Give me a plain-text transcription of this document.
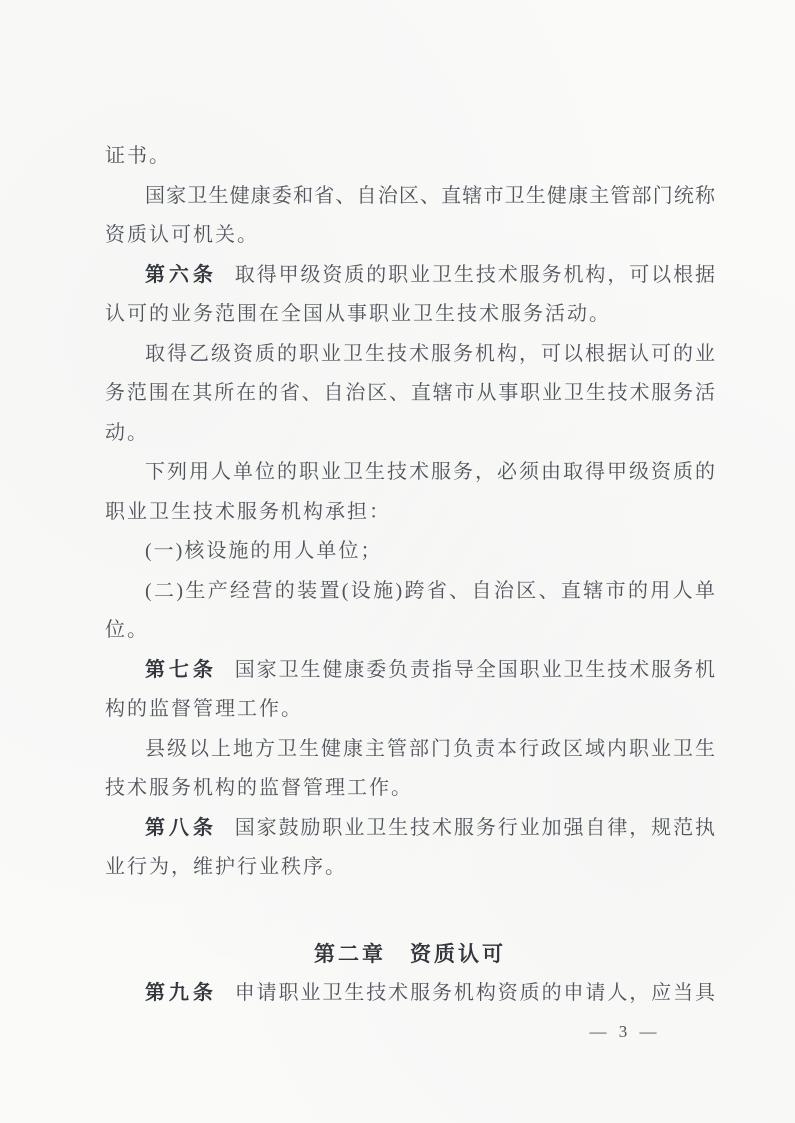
证书。
国家卫生健康委和省、自治区、直辖市卫生健康主管部门统称
资质认可机关。
第六条 取得甲级资质的职业卫生技术服务机构，可以根据
认可的业务范围在全国从事职业卫生技术服务活动。
取得乙级资质的职业卫生技术服务机构，可以根据认可的业
务范围在其所在的省、自治区、直辖市从事职业卫生技术服务活
动。
下列用人单位的职业卫生技术服务，必须由取得甲级资质的
职业卫生技术服务机构承担：
(一)核设施的用人单位；
(二)生产经营的装置(设施)跨省、自治区、直辖市的用人单
位。
第七条 国家卫生健康委负责指导全国职业卫生技术服务机
构的监督管理工作。
县级以上地方卫生健康主管部门负责本行政区域内职业卫生
技术服务机构的监督管理工作。
第八条 国家鼓励职业卫生技术服务行业加强自律，规范执
业行为，维护行业秩序。
第二章 资质认可
第九条 申请职业卫生技术服务机构资质的申请人，应当具
— 3 —
